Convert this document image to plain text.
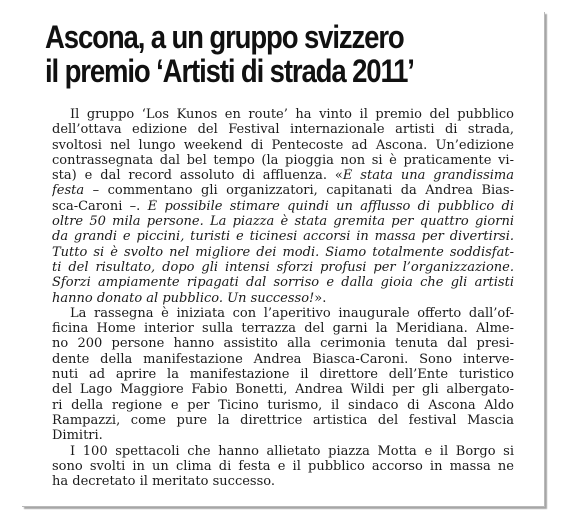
Ascona, a un gruppo svizzero
il premio ‘Artisti di strada 2011’
Il gruppo ‘Los Kunos en route’ ha vinto il premio del pubblico
dell’ottava edizione del Festival internazionale artisti di strada,
svoltosi nel lungo weekend di Pentecoste ad Ascona. Un’edizione
contrassegnata dal bel tempo (la pioggia non si è praticamente vi-
sta) e dal record assoluto di affluenza. «È stata una grandissima
festa – commentano gli organizzatori, capitanati da Andrea Bias-
sca-Caroni –. È possibile stimare quindi un afflusso di pubblico di
oltre 50 mila persone. La piazza è stata gremita per quattro giorni
da grandi e piccini, turisti e ticinesi accorsi in massa per divertirsi.
Tutto si è svolto nel migliore dei modi. Siamo totalmente soddisfat-
ti del risultato, dopo gli intensi sforzi profusi per l’organizzazione.
Sforzi ampiamente ripagati dal sorriso e dalla gioia che gli artisti
hanno donato al pubblico. Un successo!».
La rassegna è iniziata con l’aperitivo inaugurale offerto dall’of-
ficina Home interior sulla terrazza del garni la Meridiana. Alme-
no 200 persone hanno assistito alla cerimonia tenuta dal presi-
dente della manifestazione Andrea Biasca-Caroni. Sono interve-
nuti ad aprire la manifestazione il direttore dell’Ente turistico
del Lago Maggiore Fabio Bonetti, Andrea Wildi per gli albergato-
ri della regione e per Ticino turismo, il sindaco di Ascona Aldo
Rampazzi, come pure la direttrice artistica del festival Mascia
Dimitri.
I 100 spettacoli che hanno allietato piazza Motta e il Borgo si
sono svolti in un clima di festa e il pubblico accorso in massa ne
ha decretato il meritato successo.
